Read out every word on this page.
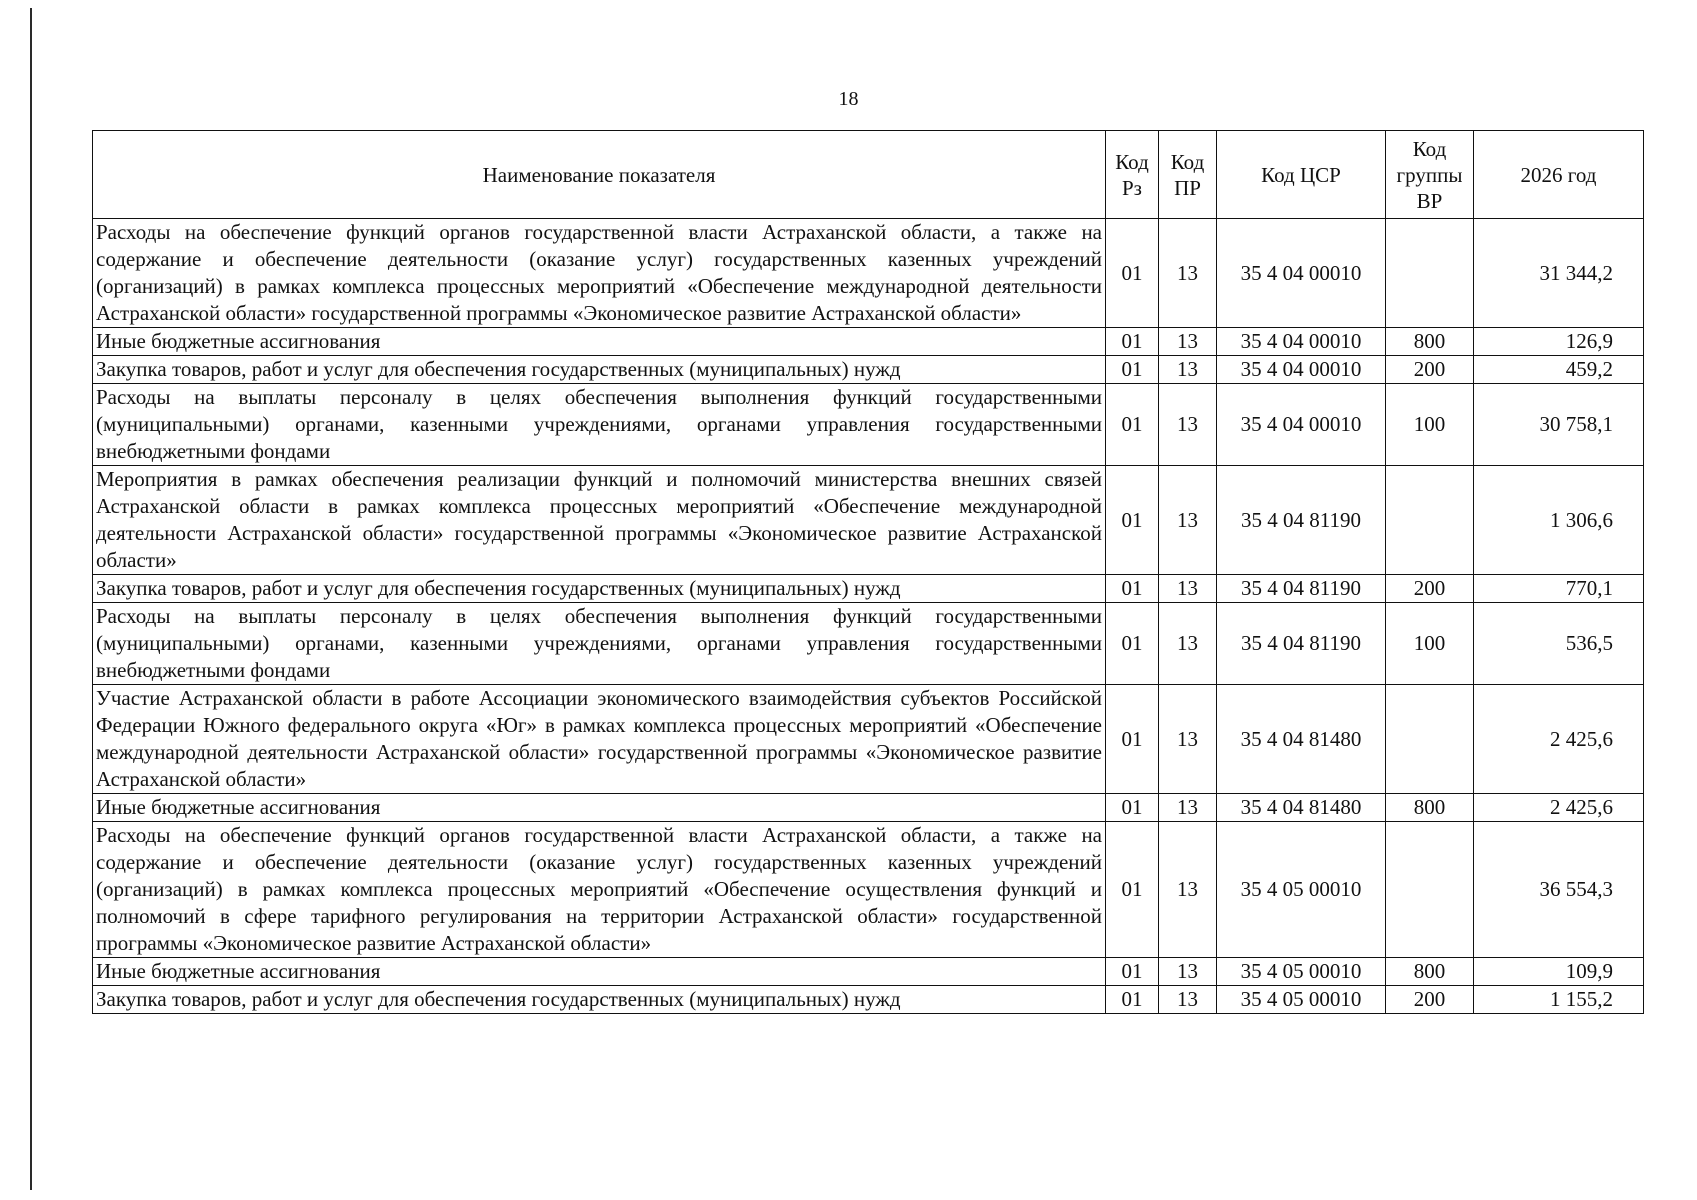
18
Наименование показателя	Код Рз	Код ПР	Код ЦСР	Код группы ВР	2026 год
Расходы на обеспечение функций органов государственной власти Астраханской области, а также на содержание и обеспечение деятельности (оказание услуг) государственных казенных учреждений (организаций) в рамках комплекса процессных мероприятий «Обеспечение международной деятельности Астраханской области» государственной программы «Экономическое развитие Астраханской области»	01	13	35 4 04 00010		31 344,2
Иные бюджетные ассигнования	01	13	35 4 04 00010	800	126,9
Закупка товаров, работ и услуг для обеспечения государственных (муниципальных) нужд	01	13	35 4 04 00010	200	459,2
Расходы на выплаты персоналу в целях обеспечения выполнения функций государственными (муниципальными) органами, казенными учреждениями, органами управления государственными внебюджетными фондами	01	13	35 4 04 00010	100	30 758,1
Мероприятия в рамках обеспечения реализации функций и полномочий министерства внешних связей Астраханской области в рамках комплекса процессных мероприятий «Обеспечение международной деятельности Астраханской области» государственной программы «Экономическое развитие Астраханской области»	01	13	35 4 04 81190		1 306,6
Закупка товаров, работ и услуг для обеспечения государственных (муниципальных) нужд	01	13	35 4 04 81190	200	770,1
Расходы на выплаты персоналу в целях обеспечения выполнения функций государственными (муниципальными) органами, казенными учреждениями, органами управления государственными внебюджетными фондами	01	13	35 4 04 81190	100	536,5
Участие Астраханской области в работе Ассоциации экономического взаимодействия субъектов Российской Федерации Южного федерального округа «Юг» в рамках комплекса процессных мероприятий «Обеспечение международной деятельности Астраханской области» государственной программы «Экономическое развитие Астраханской области»	01	13	35 4 04 81480		2 425,6
Иные бюджетные ассигнования	01	13	35 4 04 81480	800	2 425,6
Расходы на обеспечение функций органов государственной власти Астраханской области, а также на содержание и обеспечение деятельности (оказание услуг) государственных казенных учреждений (организаций) в рамках комплекса процессных мероприятий «Обеспечение осуществления функций и полномочий в сфере тарифного регулирования на территории Астраханской области» государственной программы «Экономическое развитие Астраханской области»	01	13	35 4 05 00010		36 554,3
Иные бюджетные ассигнования	01	13	35 4 05 00010	800	109,9
Закупка товаров, работ и услуг для обеспечения государственных (муниципальных) нужд	01	13	35 4 05 00010	200	1 155,2
